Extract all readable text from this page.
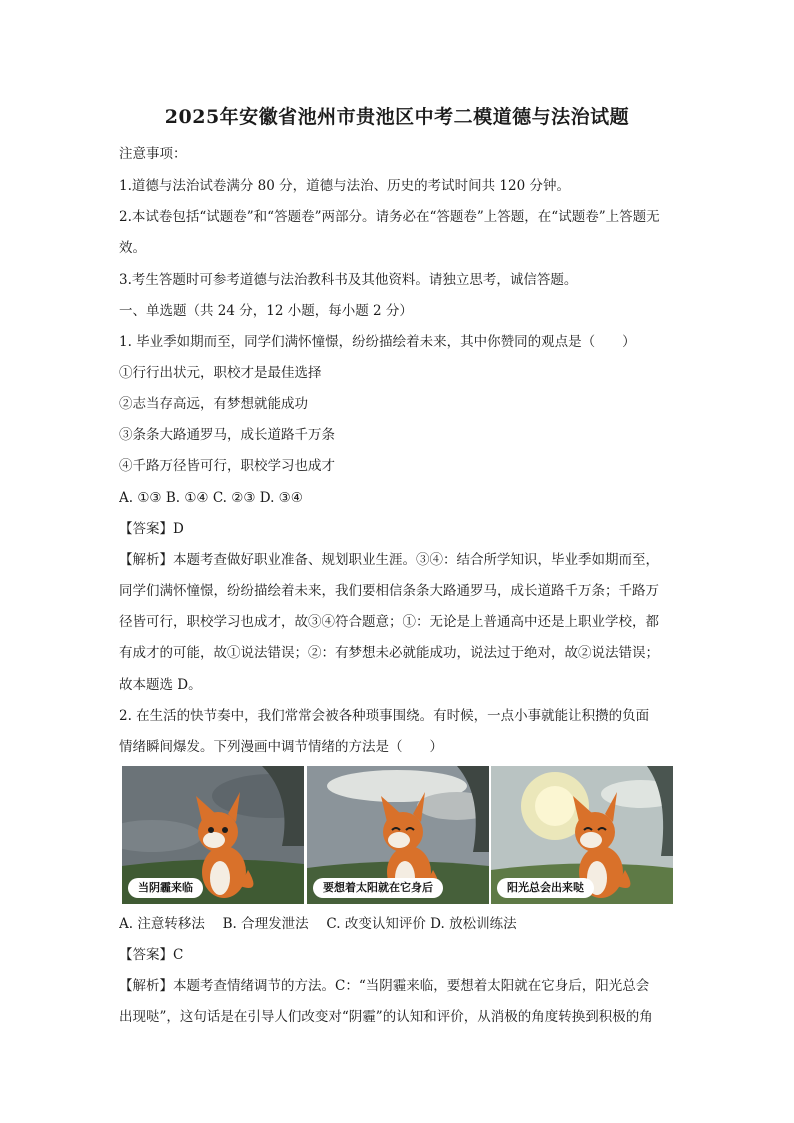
2025年安徽省池州市贵池区中考二模道德与法治试题
注意事项：
1.道德与法治试卷满分 80 分，道德与法治、历史的考试时间共 120 分钟。
2.本试卷包括“试题卷”和“答题卷”两部分。请务必在“答题卷”上答题，在“试题卷”上答题无
效。
3.考生答题时可参考道德与法治教科书及其他资料。请独立思考，诚信答题。
一、单选题（共 24 分，12 小题，每小题 2 分）
1. 毕业季如期而至，同学们满怀憧憬，纷纷描绘着未来，其中你赞同的观点是（　　）
①行行出状元，职校才是最佳选择
②志当存高远，有梦想就能成功
③条条大路通罗马，成长道路千万条
④千路万径皆可行，职校学习也成才
A. ①③ B. ①④ C. ②③ D. ③④
【答案】D
【解析】本题考查做好职业准备、规划职业生涯。③④：结合所学知识，毕业季如期而至，
同学们满怀憧憬，纷纷描绘着未来，我们要相信条条大路通罗马，成长道路千万条；千路万
径皆可行，职校学习也成才，故③④符合题意；①：无论是上普通高中还是上职业学校，都
有成才的可能，故①说法错误；②：有梦想未必就能成功，说法过于绝对，故②说法错误；
故本题选 D。
2. 在生活的快节奏中，我们常常会被各种琐事围绕。有时候，一点小事就能让积攒的负面
情绪瞬间爆发。下列漫画中调节情绪的方法是（　　）
当阴霾来临	要想着太阳就在它身后	阳光总会出来哒
A. 注意转移法　 B. 合理发泄法　 C. 改变认知评价 D. 放松训练法
【答案】C
【解析】本题考查情绪调节的方法。C：“当阴霾来临，要想着太阳就在它身后，阳光总会
出现哒”，这句话是在引导人们改变对“阴霾”的认知和评价，从消极的角度转换到积极的角
